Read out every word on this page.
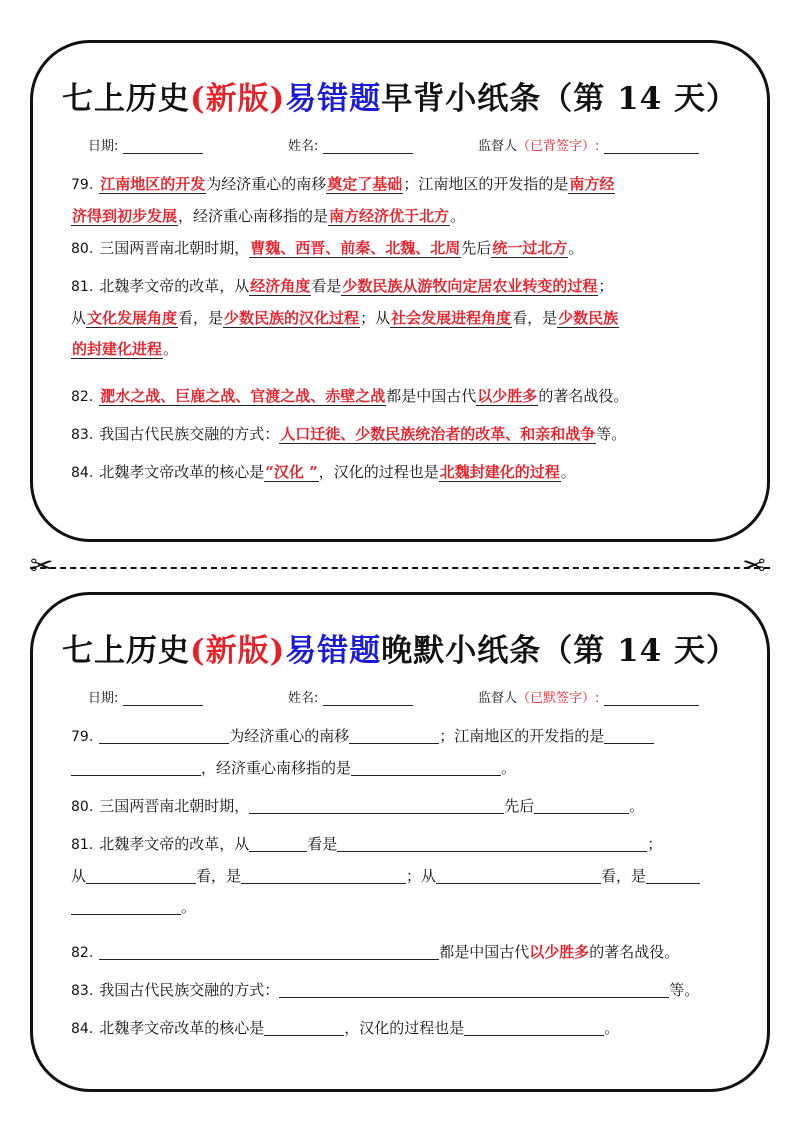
七上历史(新版)易错题早背小纸条（第 14 天）
日期:	姓名:	监督人（已背签字）:
79. 江南地区的开发为经济重心的南移奠定了基础；江南地区的开发指的是南方经
济得到初步发展，经济重心南移指的是南方经济优于北方。
80. 三国两晋南北朝时期，曹魏、西晋、前秦、北魏、北周先后统一过北方。
81. 北魏孝文帝的改革，从经济角度看是少数民族从游牧向定居农业转变的过程；
从文化发展角度看，是少数民族的汉化过程；从社会发展进程角度看，是少数民族
的封建化进程。
82. 淝水之战、巨鹿之战、官渡之战、赤壁之战都是中国古代以少胜多的著名战役。
83. 我国古代民族交融的方式：人口迁徙、少数民族统治者的改革、和亲和战争等。
84. 北魏孝文帝改革的核心是“汉化 ”，汉化的过程也是北魏封建化的过程。
✂	✂
七上历史(新版)易错题晚默小纸条（第 14 天）
日期:	姓名:	监督人（已默签字）:
79.	为经济重心的南移	；江南地区的开发指的是
，经济重心南移指的是	。
80. 三国两晋南北朝时期，	先后	。
81. 北魏孝文帝的改革，从	看是	；
从	看，是	；从	看，是
。
82.	都是中国古代以少胜多的著名战役。
83. 我国古代民族交融的方式：	等。
84. 北魏孝文帝改革的核心是	，汉化的过程也是	。
